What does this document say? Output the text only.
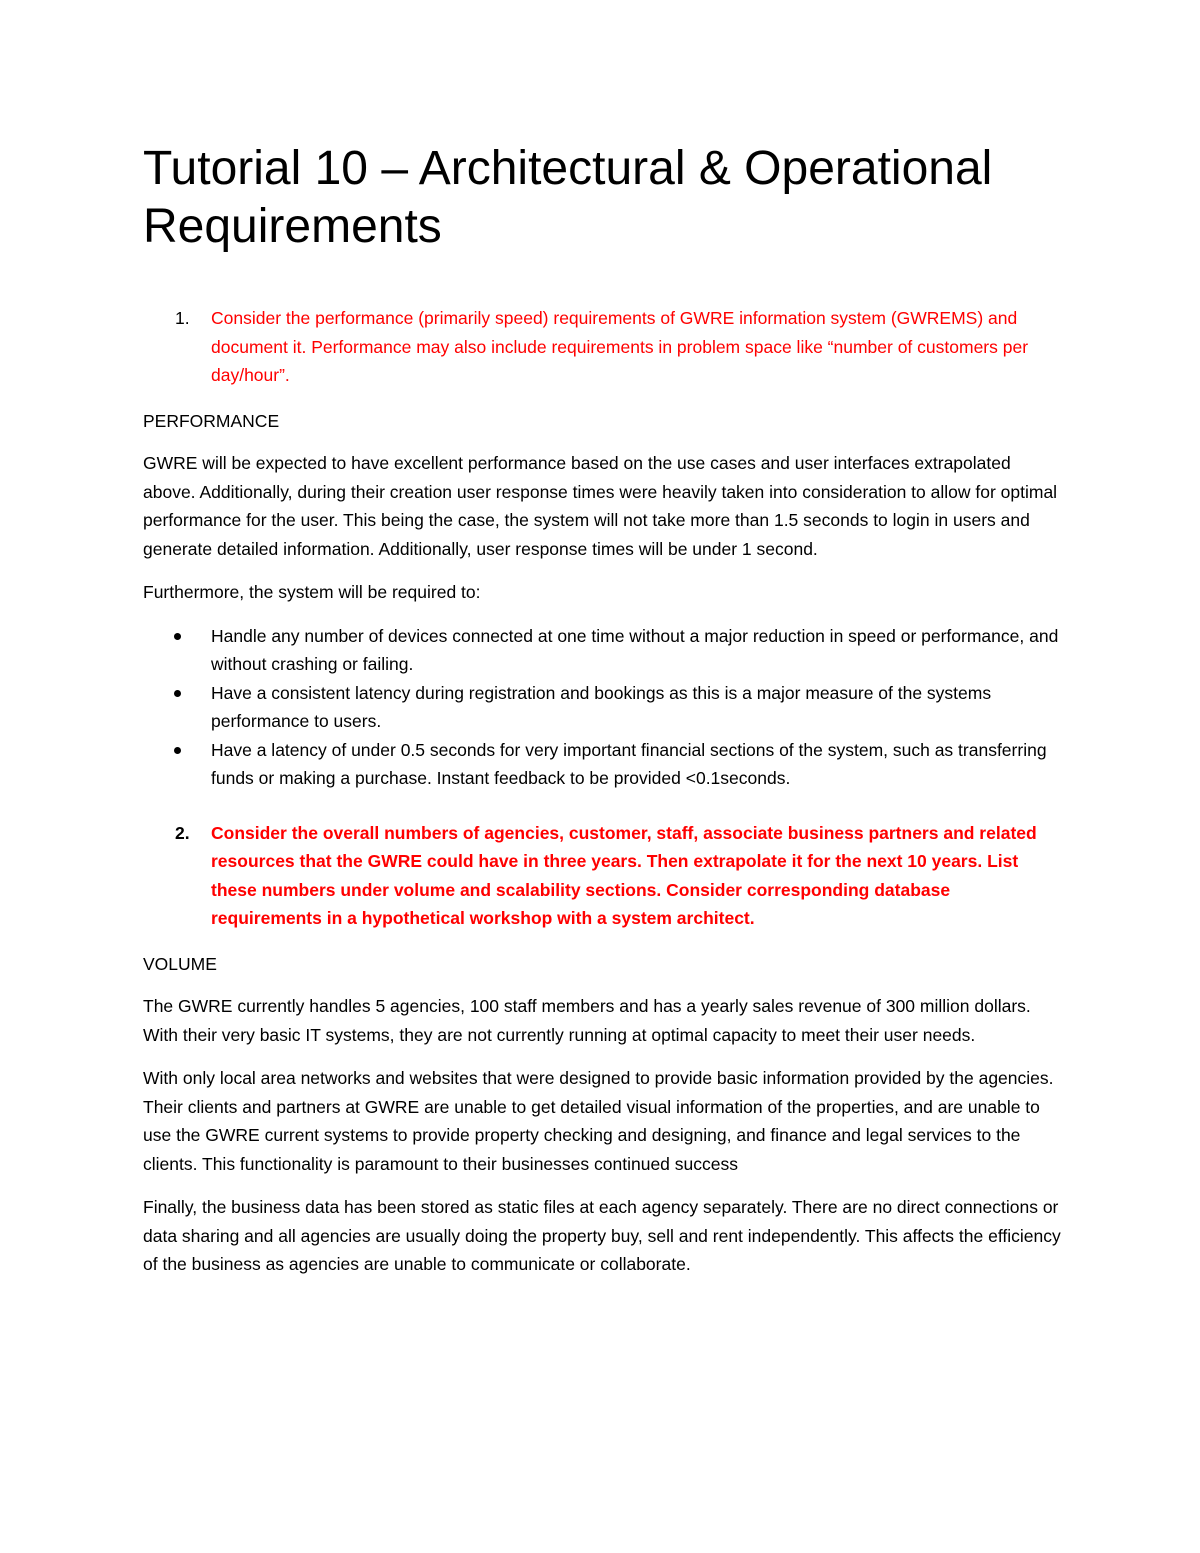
Tutorial 10 – Architectural & Operational Requirements
1. Consider the performance (primarily speed) requirements of GWRE information system (GWREMS) and document it. Performance may also include requirements in problem space like “number of customers per day/hour”.
PERFORMANCE

GWRE will be expected to have excellent performance based on the use cases and user interfaces extrapolated above. Additionally, during their creation user response times were heavily taken into consideration to allow for optimal performance for the user. This being the case, the system will not take more than 1.5 seconds to login in users and generate detailed information. Additionally, user response times will be under 1 second.

Furthermore, the system will be required to:

Handle any number of devices connected at one time without a major reduction in speed or performance, and without crashing or failing.
Have a consistent latency during registration and bookings as this is a major measure of the systems performance to users.
Have a latency of under 0.5 seconds for very important financial sections of the system, such as transferring funds or making a purchase. Instant feedback to be provided <0.1seconds.
2. Consider the overall numbers of agencies, customer, staff, associate business partners and related resources that the GWRE could have in three years. Then extrapolate it for the next 10 years. List these numbers under volume and scalability sections. Consider corresponding database requirements in a hypothetical workshop with a system architect.
VOLUME

The GWRE currently handles 5 agencies, 100 staff members and has a yearly sales revenue of 300 million dollars. With their very basic IT systems, they are not currently running at optimal capacity to meet their user needs.

With only local area networks and websites that were designed to provide basic information provided by the agencies. Their clients and partners at GWRE are unable to get detailed visual information of the properties, and are unable to use the GWRE current systems to provide property checking and designing, and finance and legal services to the clients. This functionality is paramount to their businesses continued success

Finally, the business data has been stored as static files at each agency separately. There are no direct connections or data sharing and all agencies are usually doing the property buy, sell and rent independently. This affects the efficiency of the business as agencies are unable to communicate or collaborate.
